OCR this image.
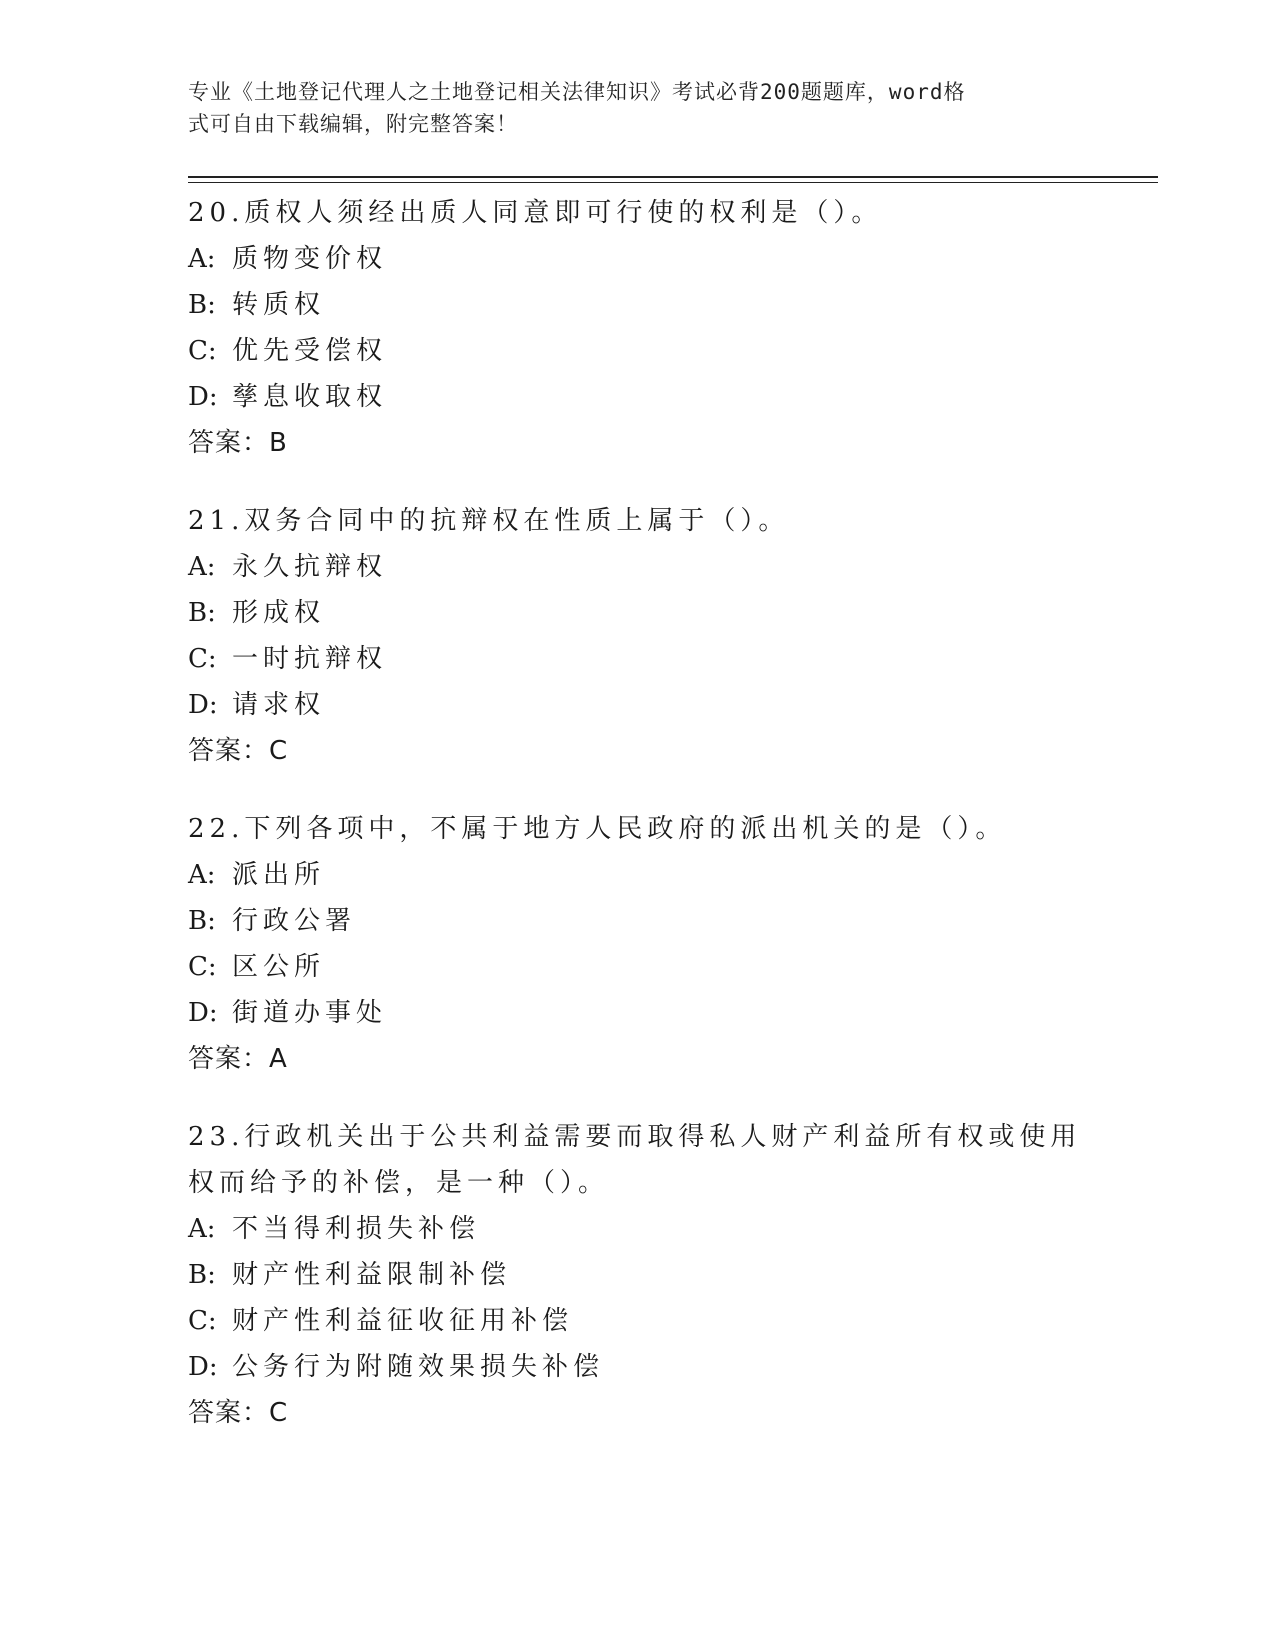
专业《土地登记代理人之土地登记相关法律知识》考试必背200题题库，word格
式可自由下载编辑，附完整答案！

20.质权人须经出质人同意即可行使的权利是（）。

A: 质物变价权

B: 转质权

C: 优先受偿权

D: 孳息收取权

答案：B

21.双务合同中的抗辩权在性质上属于（）。

A: 永久抗辩权

B: 形成权

C: 一时抗辩权

D: 请求权

答案：C

22.下列各项中，不属于地方人民政府的派出机关的是（）。

A: 派出所

B: 行政公署

C: 区公所

D: 街道办事处

答案：A

23.行政机关出于公共利益需要而取得私人财产利益所有权或使用权而给予的补偿，是一种（）。

A: 不当得利损失补偿

B: 财产性利益限制补偿

C: 财产性利益征收征用补偿

D: 公务行为附随效果损失补偿

答案：C
